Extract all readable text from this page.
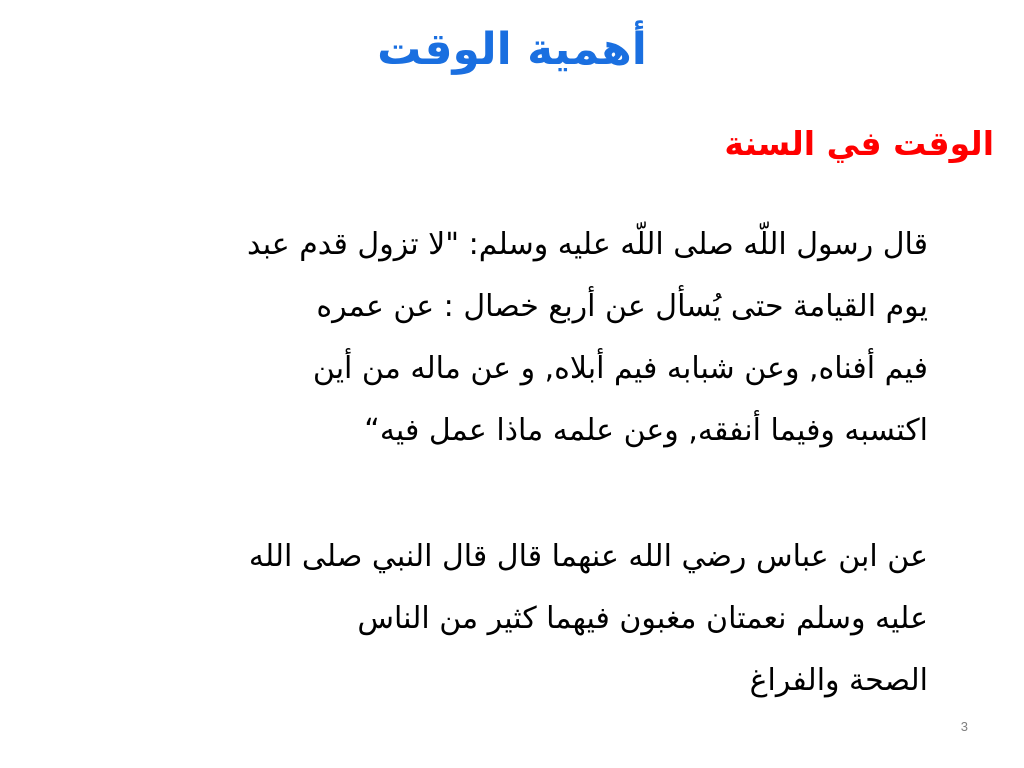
أهمية الوقت
الوقت في السنة
قال رسول اللّه صلى اللّه عليه وسلم: "لا تزول قدم عبد
يوم القيامة حتى يُسأل عن أربع خصال : عن عمره
فيم أفناه, وعن شبابه فيم أبلاه, و عن ماله من أين
اكتسبه وفيما أنفقه, وعن علمه ماذا عمل فيه“
عن ابن عباس رضي الله عنهما قال قال النبي صلى الله
عليه وسلم نعمتان مغبون فيهما كثير من الناس
الصحة والفراغ
3
